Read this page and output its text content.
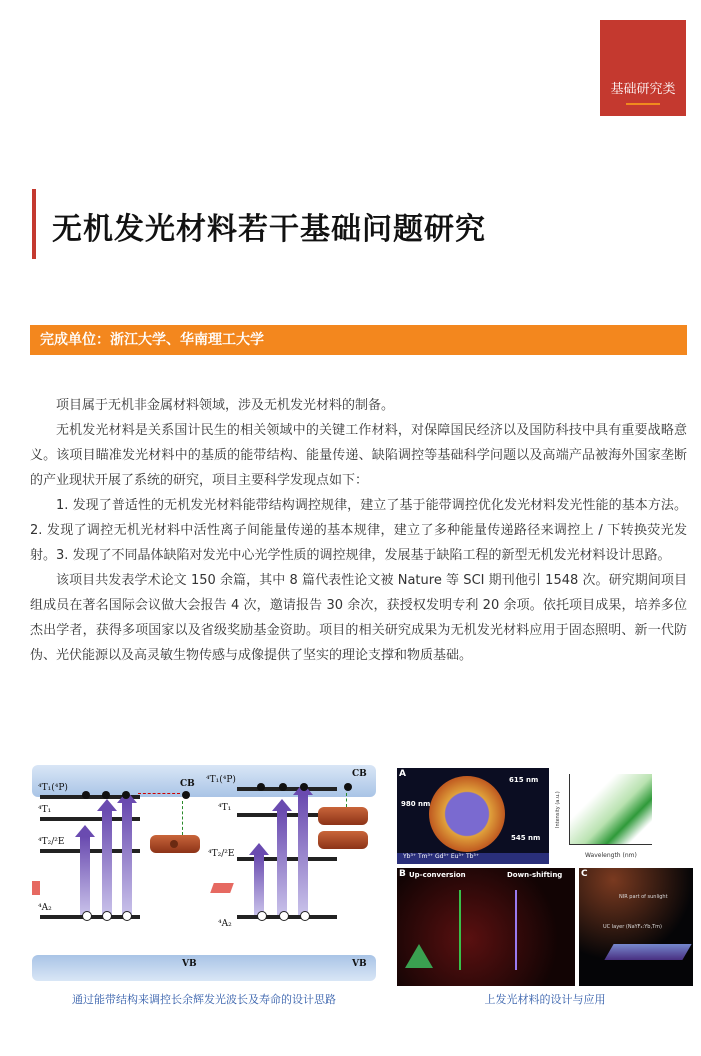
基础研究类
无机发光材料若干基础问题研究
完成单位：浙江大学、华南理工大学

项目属于无机非金属材料领域，涉及无机发光材料的制备。

无机发光材料是关系国计民生的相关领域中的关键工作材料，对保障国民经济以及国防科技中具有重要战略意义。该项目瞄准发光材料中的基质的能带结构、能量传递、缺陷调控等基础科学问题以及高端产品被海外国家垄断的产业现状开展了系统的研究，项目主要科学发现点如下：

1. 发现了普适性的无机发光材料能带结构调控规律，建立了基于能带调控优化发光材料发光性能的基本方法。2. 发现了调控无机光材料中活性离子间能量传递的基本规律，建立了多种能量传递路径来调控上 / 下转换荧光发射。3. 发现了不同晶体缺陷对发光中心光学性质的调控规律，发展基于缺陷工程的新型无机发光材料设计思路。

该项目共发表学术论文 150 余篇，其中 8 篇代表性论文被 Nature 等 SCI 期刊他引 1548 次。研究期间项目组成员在著名国际会议做大会报告 4 次，邀请报告 30 余次，获授权发明专利 20 余项。依托项目成果，培养多位杰出学者，获得多项国家以及省级奖励基金资助。项目的相关研究成果为无机发光材料应用于固态照明、新一代防伪、光伏能源以及高灵敏生物传感与成像提供了坚实的理论支撑和物质基础。

CB
CB
VB	VB
⁴T₁(⁴P)
⁴T₁
⁴T₂/²E
⁴A₂
⁴T₁(⁴P)
⁴T₁
⁴T₂/²E
⁴A₂
通过能带结构来调控长余辉发光波长及寿命的设计思路
A
615 nm
980 nm
545 nm
Yb³⁺ Tm³⁺ Gd³⁺ Eu³⁺ Tb³⁺
Intensity (a.u.)
Wavelength (nm)
B Up-conversion	Down-shifting C
NIR part of sunlight
UC layer (NaYF₄:Yb,Tm)
上发光材料的设计与应用
